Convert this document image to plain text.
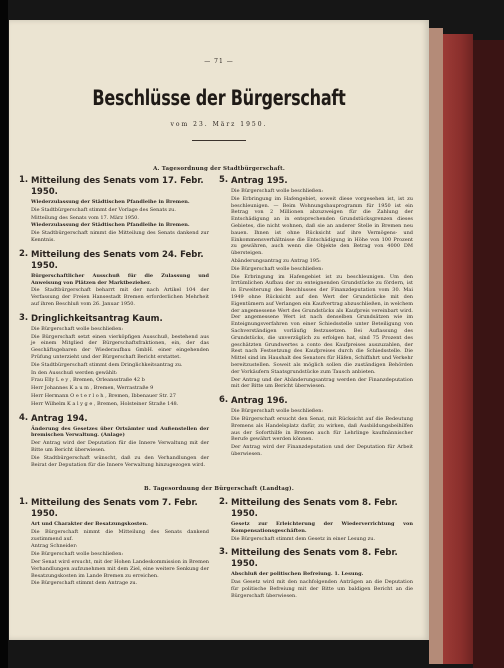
— 71 —
Beschlüsse der Bürgerschaft
vom 23. März 1950.
A. Tagesordnung der Stadtbürgerschaft.
1. Mitteilung des Senats vom 17. Febr. 1950.
Wiederzulassung der Städtischen Pfandleihe in Bremen.
Die Stadtbürgerschaft stimmt der Vorlage des Senats zu.
Mitteilung des Senats vom 17. März 1950.
Wiederzulassung der Städtischen Pfandleihe in Bremen.
Die Stadtbürgerschaft nimmt die Mitteilung des Senats dankend zur Kenntnis.
2. Mitteilung des Senats vom 24. Febr. 1950.
Bürgerschaftlicher Ausschuß für die Zulassung und Anweisung von Plätzen der Marktbezieher.
Die Stadtbürgerschaft beharrt mit der nach Artikel 104 der Verfassung der Freien Hansestadt Bremen erforderlichen Mehrheit auf ihren Beschluß vom 26. Januar 1950.
3. Dringlichkeitsantrag Kaum.
Die Bürgerschaft wolle beschließen:
Die Bürgerschaft setzt einen vierköpfigen Ausschuß, bestehend aus je einem Mitglied der Bürgerschaftsfraktionen, ein, der das Geschäftsgebaren der Wiederaufbau GmbH. einer eingehenden Prüfung unterzieht und der Bürgerschaft Bericht erstattet.
Die Stadtbürgerschaft stimmt dem Dringlichkeitsantrag zu.
In den Ausschuß werden gewählt:
Frau Elly L e y , Bremen, Orleansstraße 42 b
Herr Johannes K a u m , Bremen, Werrastraße 9
Herr Hermann O e t e r l o h , Bremen, Ibbenauer Str. 27
Herr Wilhelm K a l y g e , Bremen, Holsteiner Straße 148.
4. Antrag 194.
Änderung des Gesetzes über Ortsämter und Außenstellen der bremischen Verwaltung. (Anlage)
Der Antrag wird der Deputation für die Innere Verwaltung mit der Bitte um Bericht überwiesen.
Die Stadtbürgerschaft wünscht, daß zu den Verhandlungen der Beirat der Deputation für die Innere Verwaltung hinzugezogen wird.
5. Antrag 195.
Die Bürgerschaft wolle beschließen:
Die Erbringung im Hafengebiet, soweit diese vorgesehen ist, ist zu beschleunigen. — Beim Wohnungsbauprogramm für 1950 ist ein Betrag von 2 Millionen abzuzweigen für die Zahlung der Entschädigung an in entsprechenden Grundstücksgrenzen dieses Gebietes, die nicht wohnen, daß sie an anderer Stelle in Bremen neu bauen. Ihnen ist ohne Rücksicht auf ihre Vermögens- und Einkommensverhältnisse die Entschädigung in Höhe von 100 Prozent zu gewähren, auch wenn die Objekte den Betrag von 4000 DM übersteigen.
Abänderungsantrag zu Antrag 195:
Die Bürgerschaft wolle beschließen:
Die Erbringung im Hafengebiet ist zu beschleunigen. Um den Irrtümlichen Aufbau der zu enteignenden Grundstücke zu fördern, ist in Erweiterung des Beschlusses der Finanzdeputation vom 30. Mai 1949 ohne Rücksicht auf den Wert der Grundstücke mit den Eigentümern auf Verlangen ein Kaufvertrag abzuschließen, in welchem der angemessene Wert des Grundstücks als Kaufpreis vereinbart wird. Der angemessene Wert ist nach denselben Grundsätzen wie im Enteignungsverfahren von einer Schiedsstelle unter Beteiligung von Sachverständigen vorläufig festzusetzen. Bei Auflassung des Grundstücks, die unverzüglich zu erfolgen hat, sind 75 Prozent des geschätzten Grundwertes a conto des Kaufpreises auszuzahlen, der Rest nach Festsetzung des Kaufpreises durch die Schiedsstelle. Die Mittel sind im Haushalt des Senators für Häfen, Schiffahrt und Verkehr bereitzustellen. Soweit als möglich sollen die zuständigen Behörden der Vorkäufern Staatsgrundstücke zum Tausch anbieten.
Der Antrag und der Abänderungsantrag werden der Finanzdeputation mit der Bitte um Bericht überwiesen.
6. Antrag 196.
Die Bürgerschaft wolle beschließen:
Die Bürgerschaft ersucht den Senat, mit Rücksicht auf die Bedeutung Bremens als Handelsplatz dafür, zu wirken, daß Ausbildungsbeihilfen aus der Soforthilfe in Bremen auch für Lehrlinge kaufmännischer Berufe gewährt werden können.
Der Antrag wird der Finanzdeputation und der Deputation für Arbeit überwiesen.
B. Tagesordnung der Bürgerschaft (Landtag).
1. Mitteilung des Senats vom 7. Febr. 1950.
Art und Charakter der Besatzungskosten.
Die Bürgerschaft nimmt die Mitteilung des Senats dankend zustimmend auf.
Antrag Schneider:
Die Bürgerschaft wolle beschließen:
Der Senat wird ersucht, mit der Hohen Landeskommission in Bremen Verhandlungen aufzunehmen mit dem Ziel, eine weitere Senkung der Besatzungskosten im Lande Bremen zu erreichen.
Die Bürgerschaft stimmt dem Antrage zu.
2. Mitteilung des Senats vom 8. Febr. 1950.
Gesetz zur Erleichterung der Wiederverrichtung von Kompensationsgeschäften.
Die Bürgerschaft stimmt dem Gesetz in einer Lesung zu.
3. Mitteilung des Senats vom 8. Febr. 1950.
Abschluß der politischen Befreiung. 1. Lesung.
Das Gesetz wird mit den nachfolgenden Anträgen an die Deputation für politische Befreiung mit der Bitte um baldigen Bericht an die Bürgerschaft überwiesen.
